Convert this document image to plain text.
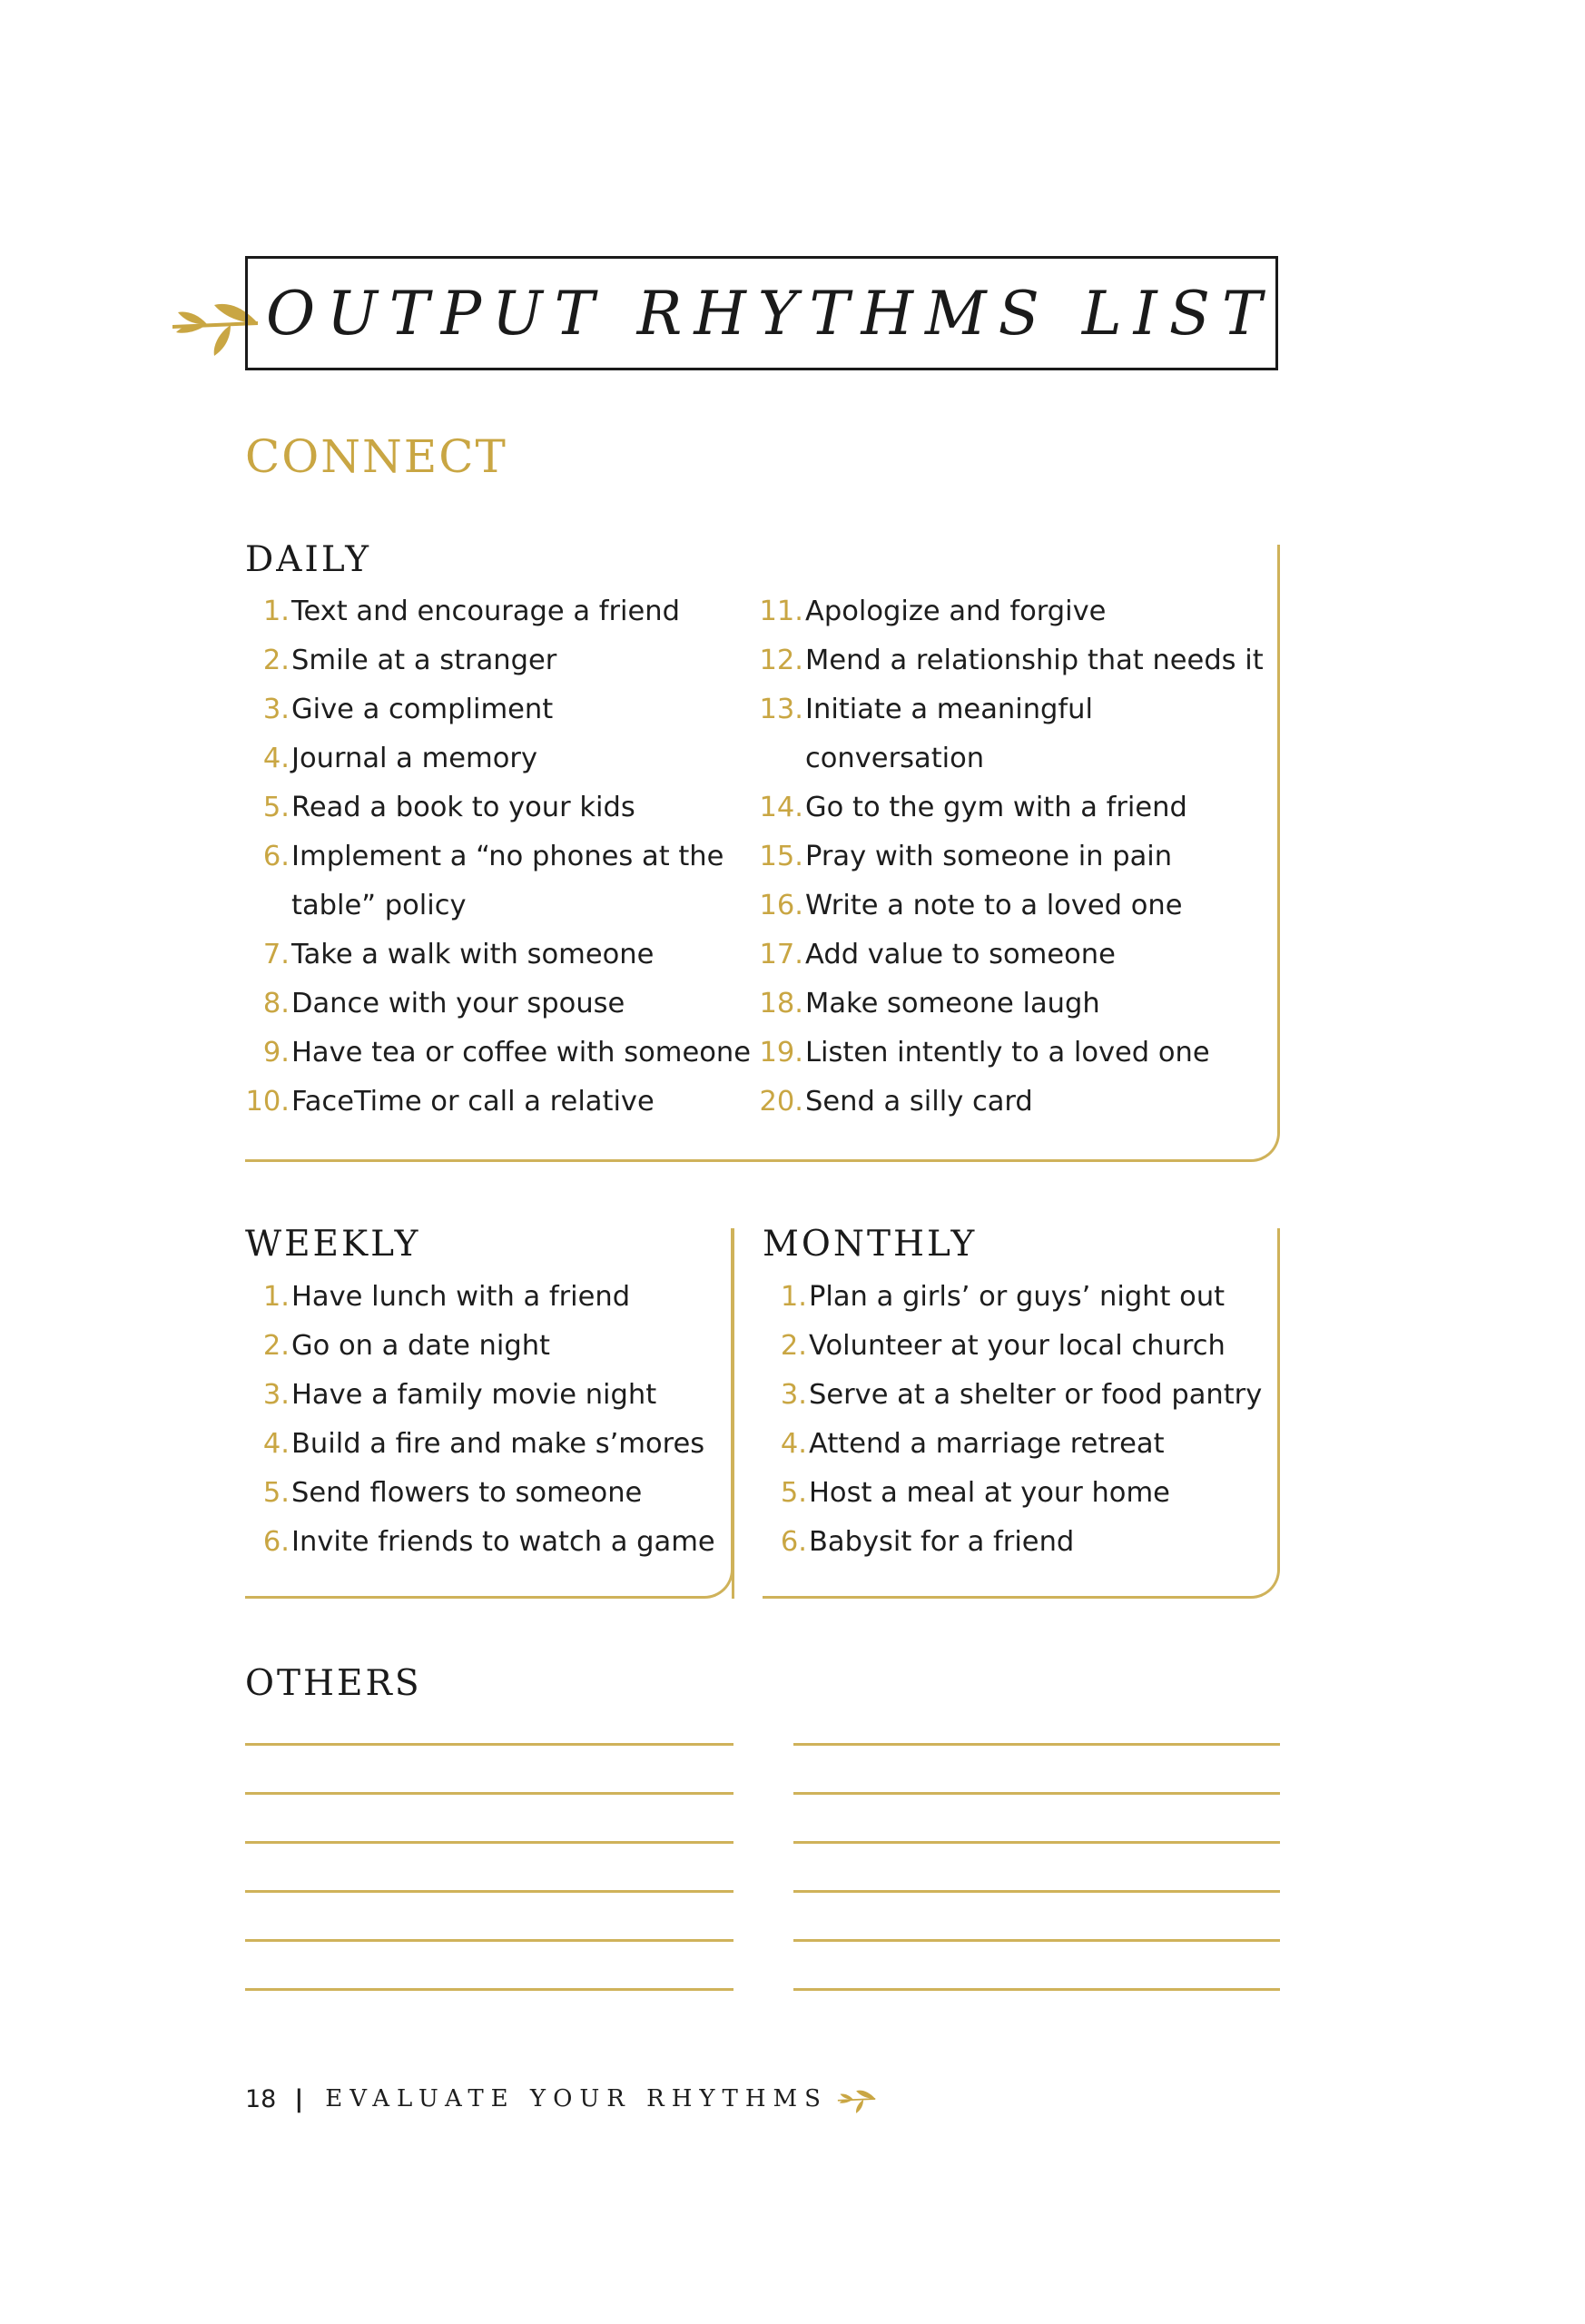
OUTPUT RHYTHMS LIST
CONNECT
DAILY
1. Text and encourage a friend
2. Smile at a stranger
3. Give a compliment
4. Journal a memory
5. Read a book to your kids
6. Implement a “no phones at the table” policy
7. Take a walk with someone
8. Dance with your spouse
9. Have tea or coffee with someone
10. FaceTime or call a relative
11. Apologize and forgive
12. Mend a relationship that needs it
13. Initiate a meaningful conversation
14. Go to the gym with a friend
15. Pray with someone in pain
16. Write a note to a loved one
17. Add value to someone
18. Make someone laugh
19. Listen intently to a loved one
20. Send a silly card
WEEKLY
1. Have lunch with a friend
2. Go on a date night
3. Have a family movie night
4. Build a fire and make s’mores
5. Send flowers to someone
6. Invite friends to watch a game
MONTHLY
1. Plan a girls’ or guys’ night out
2. Volunteer at your local church
3. Serve at a shelter or food pantry
4. Attend a marriage retreat
5. Host a meal at your home
6. Babysit for a friend
OTHERS
18 | EVALUATE YOUR RHYTHMS
